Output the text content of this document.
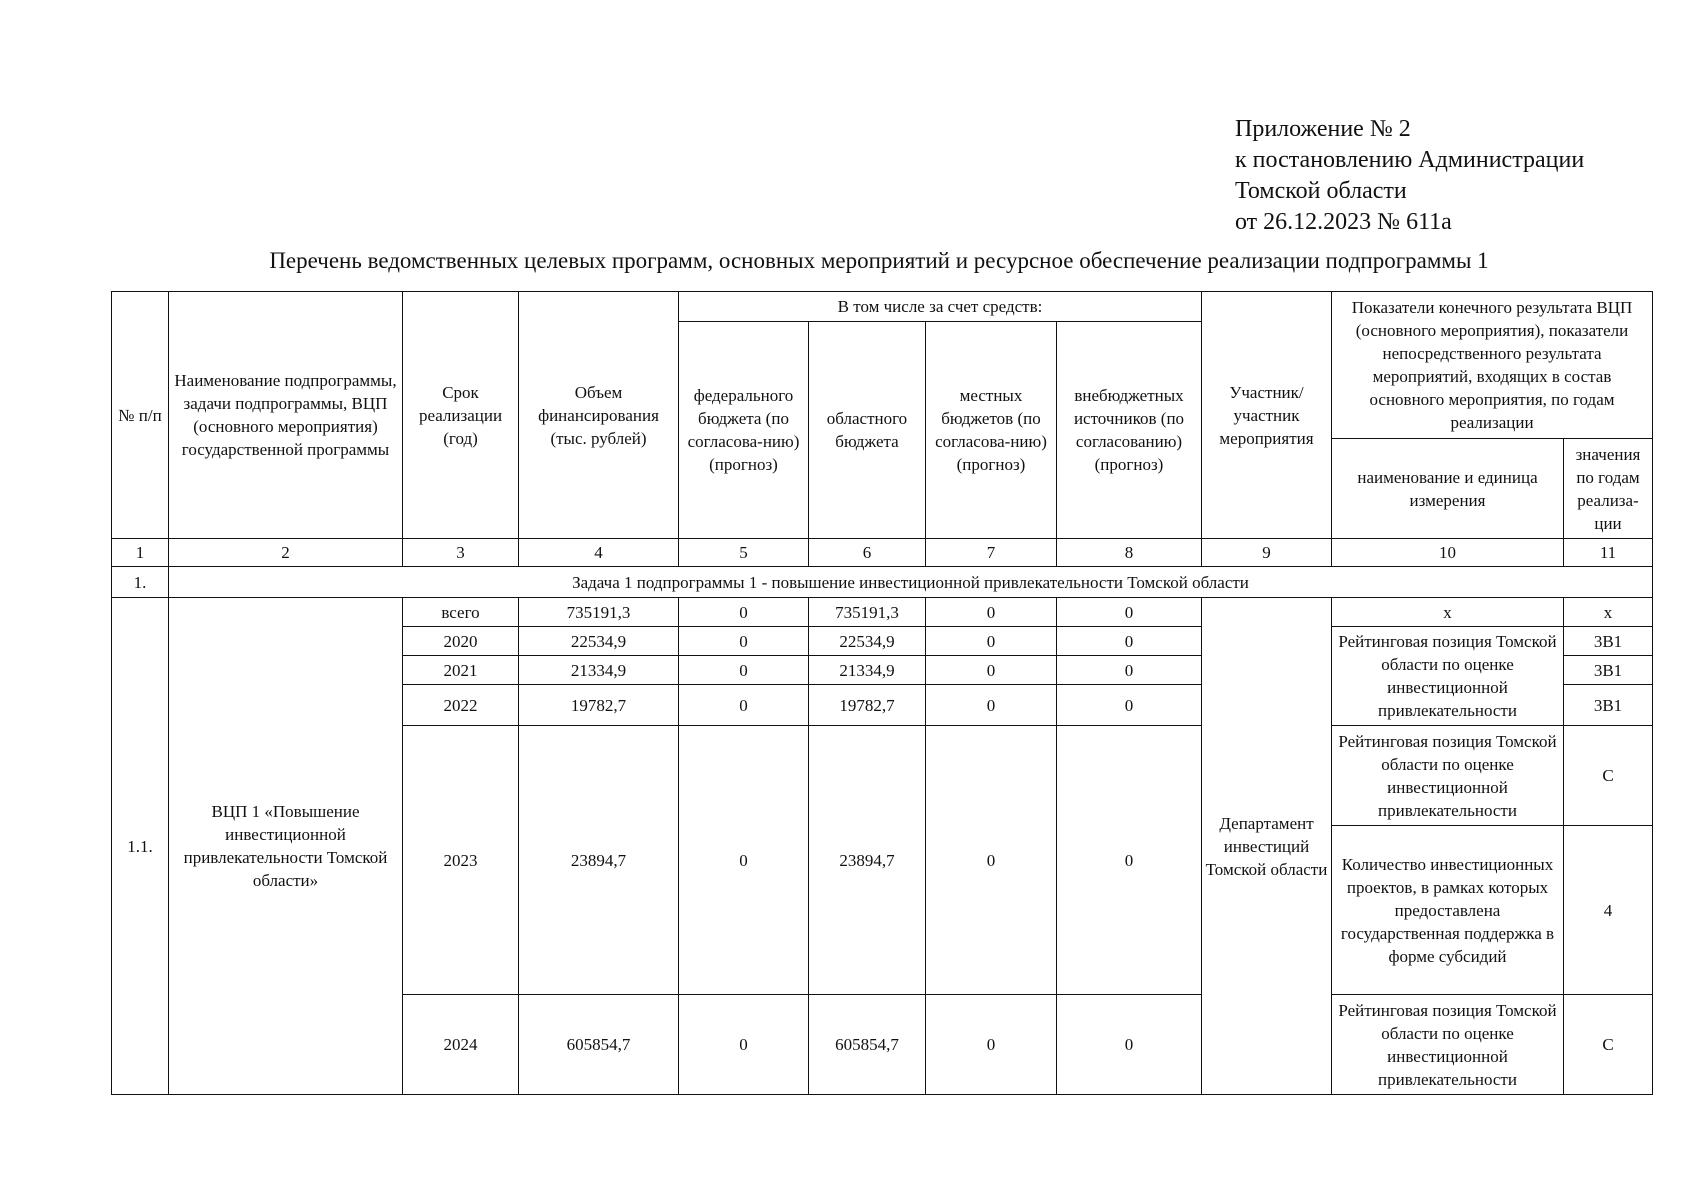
Приложение № 2
к постановлению Администрации
Томской области
от 26.12.2023 № 611а
Перечень ведомственных целевых программ, основных мероприятий и ресурсное обеспечение реализации подпрограммы 1
№ п/п	Наименование подпрограммы, задачи подпрограммы, ВЦП (основного мероприятия) государственной программы	Срок реализации (год)	Объем финансирования (тыс. рублей)	В том числе за счет средств:				Участник/ участник мероприятия	Показатели конечного результата ВЦП (основного мероприятия), показатели непосредственного результата мероприятий, входящих в состав основного мероприятия, по годам реализации	
				федерального бюджета (по согласова-нию) (прогноз)	областного бюджета	местных бюджетов (по согласова-нию) (прогноз)	внебюджетных источников (по согласованию) (прогноз)			
									наименование и единица измерения	значения по годам реализа-ции
1	2	3	4	5	6	7	8	9	10	11
1.	Задача 1 подпрограммы 1 - повышение инвестиционной привлекательности Томской области									
1.1.	ВЦП 1 «Повышение инвестиционной привлекательности Томской области»	всего	735191,3	0	735191,3	0	0	Департамент инвестиций Томской области	х	х
		2020	22534,9	0	22534,9	0	0		Рейтинговая позиция Томской области по оценке инвестиционной привлекательности	3В1
		2021	21334,9	0	21334,9	0	0			3В1
		2022	19782,7	0	19782,7	0	0			3В1
		2023	23894,7	0	23894,7	0	0		Рейтинговая позиция Томской области по оценке инвестиционной привлекательности	С
									Количество инвестиционных проектов, в рамках которых предоставлена государственная поддержка в форме субсидий	4
		2024	605854,7	0	605854,7	0	0		Рейтинговая позиция Томской области по оценке инвестиционной привлекательности	С
